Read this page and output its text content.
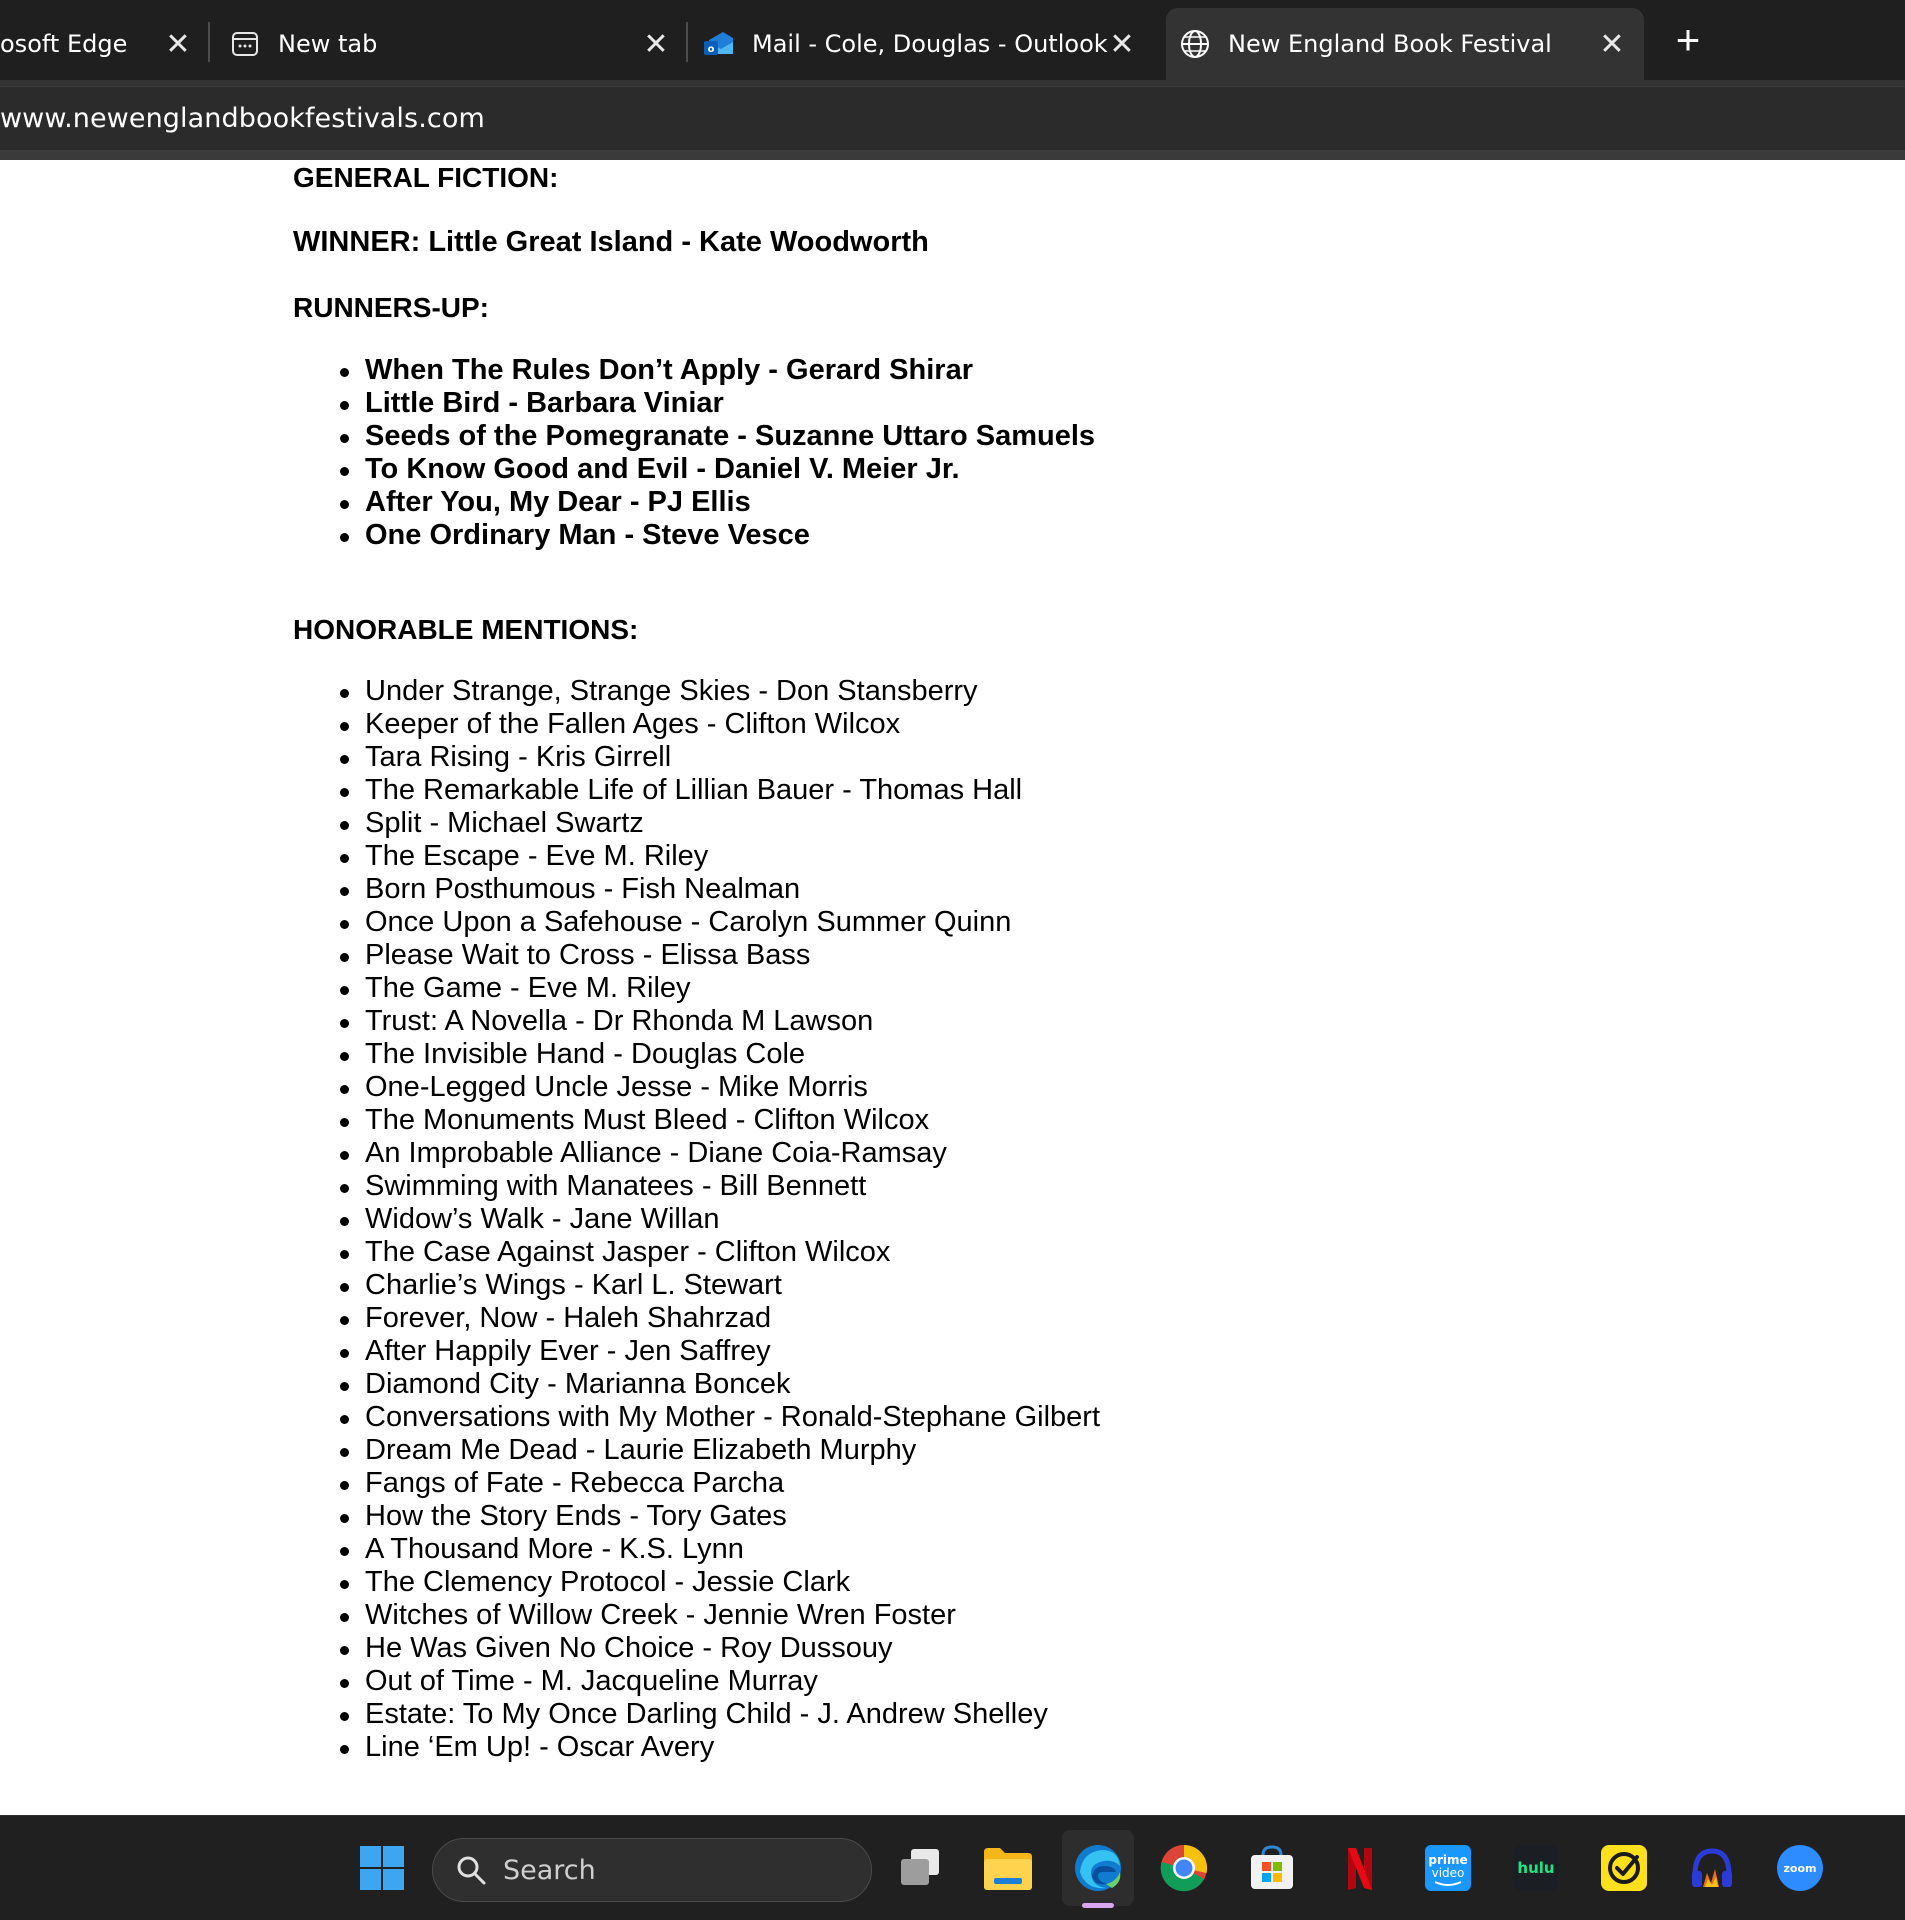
osoft Edge ✕	New tab	✕	o Mail - Cole, Douglas - Outlook ✕	New England Book Festival ✕ +
www.newenglandbookfestivals.com
GENERAL FICTION:
WINNER: Little Great Island - Kate Woodworth
RUNNERS-UP:
When The Rules Don’t Apply - Gerard Shirar
Little Bird - Barbara Viniar
Seeds of the Pomegranate - Suzanne Uttaro Samuels
To Know Good and Evil - Daniel V. Meier Jr.
After You, My Dear - PJ Ellis
One Ordinary Man - Steve Vesce
HONORABLE MENTIONS:
Under Strange, Strange Skies - Don Stansberry
Keeper of the Fallen Ages - Clifton Wilcox
Tara Rising - Kris Girrell
The Remarkable Life of Lillian Bauer - Thomas Hall
Split - Michael Swartz
The Escape - Eve M. Riley
Born Posthumous - Fish Nealman
Once Upon a Safehouse - Carolyn Summer Quinn
Please Wait to Cross - Elissa Bass
The Game - Eve M. Riley
Trust: A Novella - Dr Rhonda M Lawson
The Invisible Hand - Douglas Cole
One-Legged Uncle Jesse - Mike Morris
The Monuments Must Bleed - Clifton Wilcox
An Improbable Alliance - Diane Coia-Ramsay
Swimming with Manatees - Bill Bennett
Widow’s Walk - Jane Willan
The Case Against Jasper - Clifton Wilcox
Charlie’s Wings - Karl L. Stewart
Forever, Now - Haleh Shahrzad
After Happily Ever - Jen Saffrey
Diamond City - Marianna Boncek
Conversations with My Mother - Ronald-Stephane Gilbert
Dream Me Dead - Laurie Elizabeth Murphy
Fangs of Fate - Rebecca Parcha
How the Story Ends - Tory Gates
A Thousand More - K.S. Lynn
The Clemency Protocol - Jessie Clark
Witches of Willow Creek - Jennie Wren Foster
He Was Given No Choice - Roy Dussouy
Out of Time - M. Jacqueline Murray
Estate: To My Once Darling Child - J. Andrew Shelley
Line ‘Em Up! - Oscar Avery
Search	prime
video	hulu	zoom
